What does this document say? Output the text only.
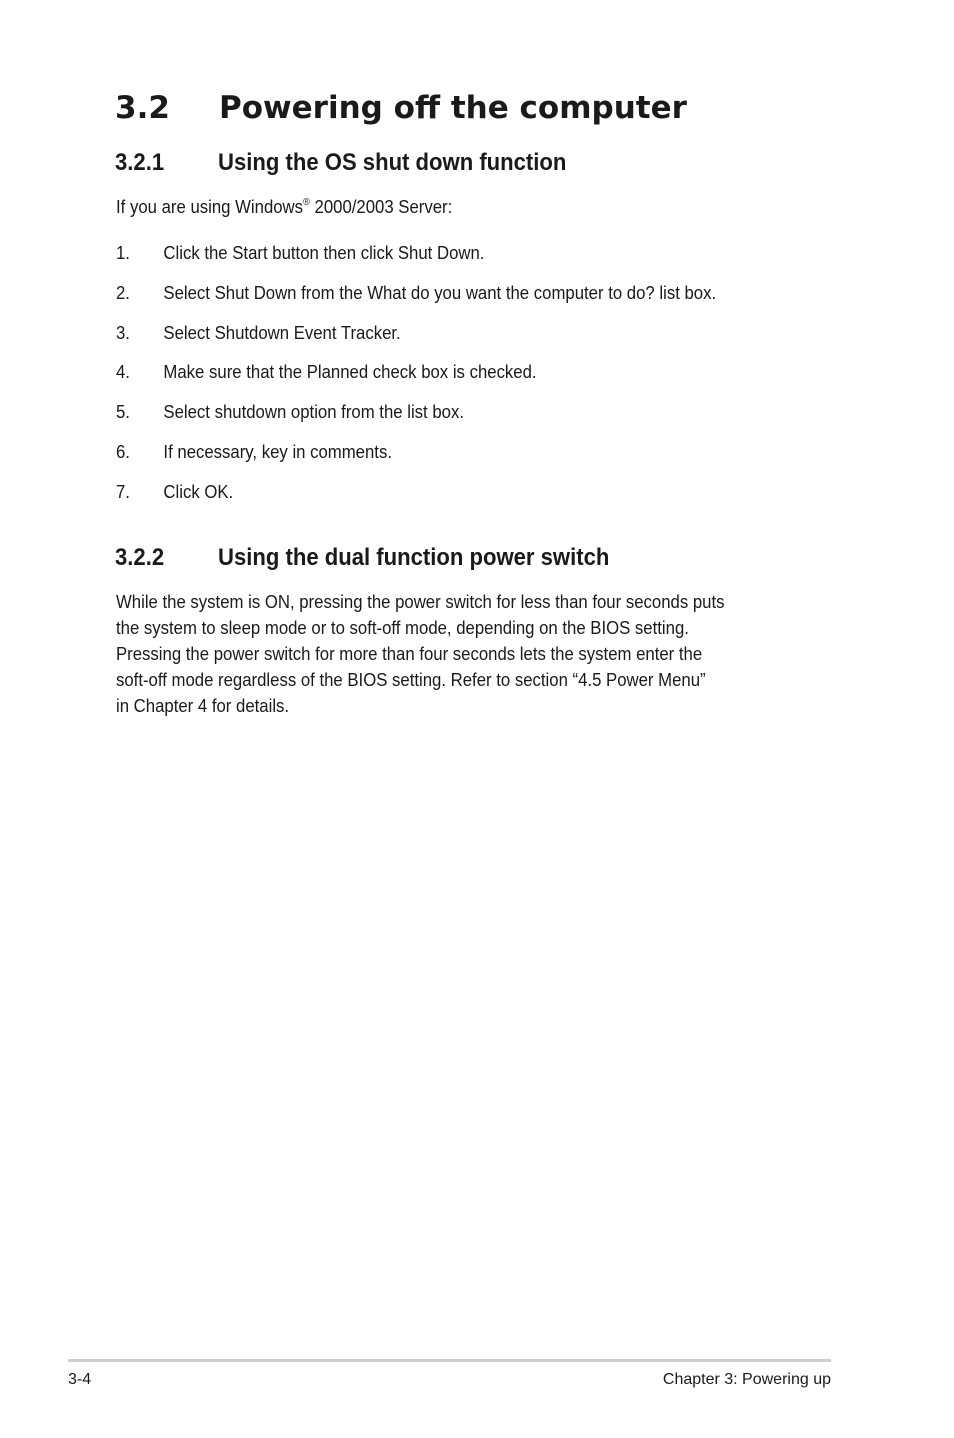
3.2 Powering off the computer
3.2.1 Using the OS shut down function
If you are using Windows® 2000/2003 Server:
1. Click the Start button then click Shut Down.
2. Select Shut Down from the What do you want the computer to do? list box.
3. Select Shutdown Event Tracker.
4. Make sure that the Planned check box is checked.
5. Select shutdown option from the list box.
6. If necessary, key in comments.
7. Click OK.
3.2.2 Using the dual function power switch
While the system is ON, pressing the power switch for less than four seconds puts
the system to sleep mode or to soft-off mode, depending on the BIOS setting.
Pressing the power switch for more than four seconds lets the system enter the
soft-off mode regardless of the BIOS setting. Refer to section “4.5 Power Menu”
in Chapter 4 for details.
3-4	Chapter 3: Powering up
